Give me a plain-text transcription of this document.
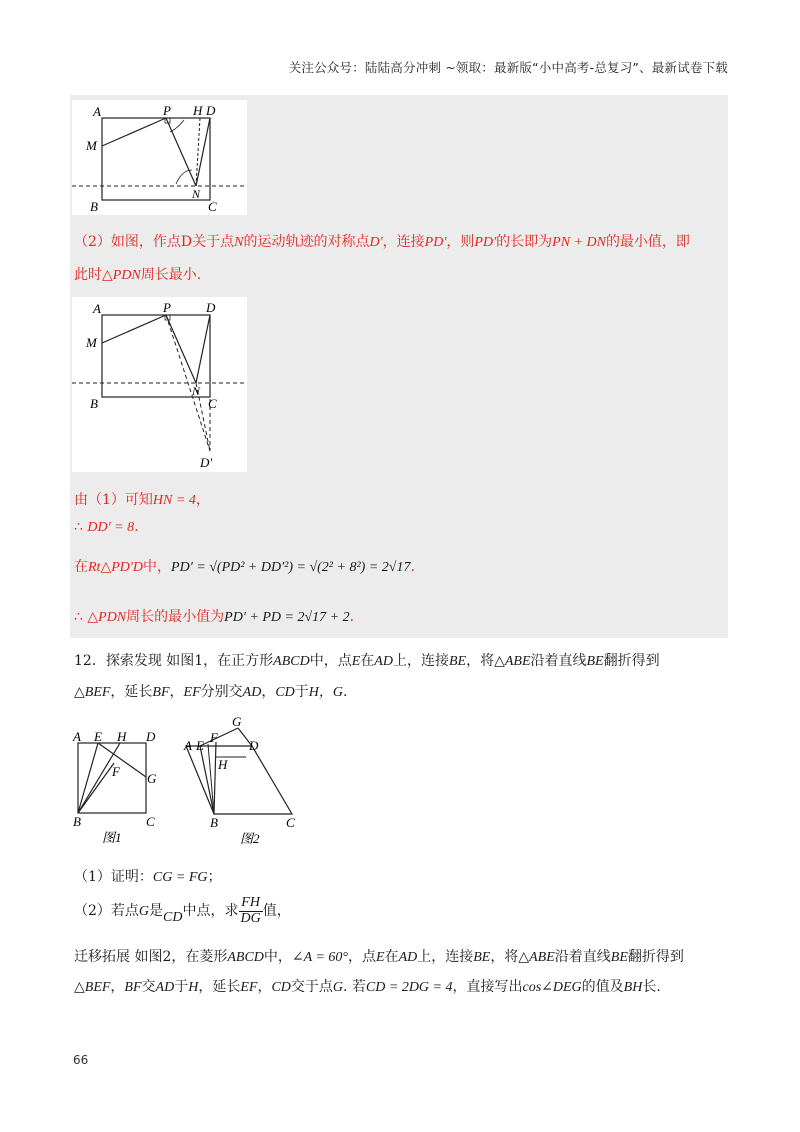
关注公众号：陆陆高分冲刺 ~领取：最新版“小中高考-总复习”、最新试卷下载
A	P H D
M
N
B	C
（2）如图，作点D关于点N的运动轨迹的对称点D′，连接PD′，则PD′的长即为PN + DN的最小值，即
此时△PDN周长最小.
A	P	D
M
N
B	C
D′
由（1）可知HN = 4，
∴ DD′ = 8.
在Rt△PD′D中，PD′ = √(PD² + DD′²) = √(2² + 8²) = 2√17.
∴ △PDN周长的最小值为PD′ + PD = 2√17 + 2.
12．探索发现 如图1，在正方形ABCD中，点E在AD上，连接BE，将△ABE沿着直线BE翻折得到
△BEF，延长BF，EF分别交AD，CD于H，G.
A E H D
F G
B	C
图1
G
A E
F
D
H
B	C
图2
（1）证明：CG = FG；
（2）若点G是CD中点，求 $\frac{FH}{DG}$ 值，
迁移拓展 如图2，在菱形ABCD中，∠A = 60°，点E在AD上，连接BE，将△ABE沿着直线BE翻折得到
△BEF，BF交AD于H，延长EF，CD交于点G. 若CD = 2DG = 4，直接写出cos∠DEG的值及BH长.
66
